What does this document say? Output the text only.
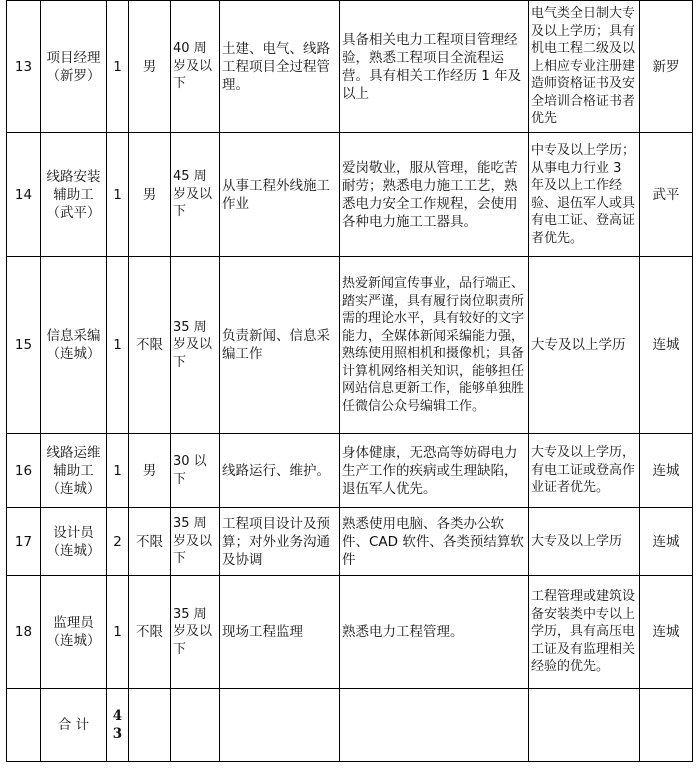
13	项目经理（新罗）	1	男	40 周岁及以下	土建、电气、线路工程项目全过程管理。	具备相关电力工程项目管理经验，熟悉工程项目全流程运营。具有相关工作经历 1 年及以上	电气类全日制大专及以上学历；具有机电工程二级及以上相应专业注册建造师资格证书及安全培训合格证书者优先	新罗
14	线路安装辅助工（武平）	1	男	45 周岁及以下	从事工程外线施工作业	爱岗敬业，服从管理，能吃苦耐劳；熟悉电力施工工艺，熟悉电力安全工作规程，会使用各种电力施工工器具。	中专及以上学历；从事电力行业 3 年及以上工作经验、退伍军人或具有电工证、登高证者优先。	武平
15	信息采编（连城）	1	不限	35 周岁及以下	负责新闻、信息采编工作	热爱新闻宣传事业，品行端正、踏实严谨，具有履行岗位职责所需的理论水平，具有较好的文字能力，全媒体新闻采编能力强，熟练使用照相机和摄像机；具备计算机网络相关知识，能够担任网站信息更新工作，能够单独胜任微信公众号编辑工作。	大专及以上学历	连城
16	线路运维辅助工（连城）	1	男	30 以下	线路运行、维护。	身体健康，无恐高等妨碍电力生产工作的疾病或生理缺陷，退伍军人优先。	大专及以上学历，有电工证或登高作业证者优先。	连城
17	设计员（连城）	2	不限	35 周岁及以下	工程项目设计及预算；对外业务沟通及协调	熟悉使用电脑、各类办公软件、CAD 软件、各类预结算软件	大专及以上学历	连城
18	监理员（连城）	1	不限	35 周岁及以下	现场工程监理	熟悉电力工程管理。	工程管理或建筑设备安装类中专以上学历，具有高压电工证及有监理相关经验的优先。	连城
	合 计	43						
